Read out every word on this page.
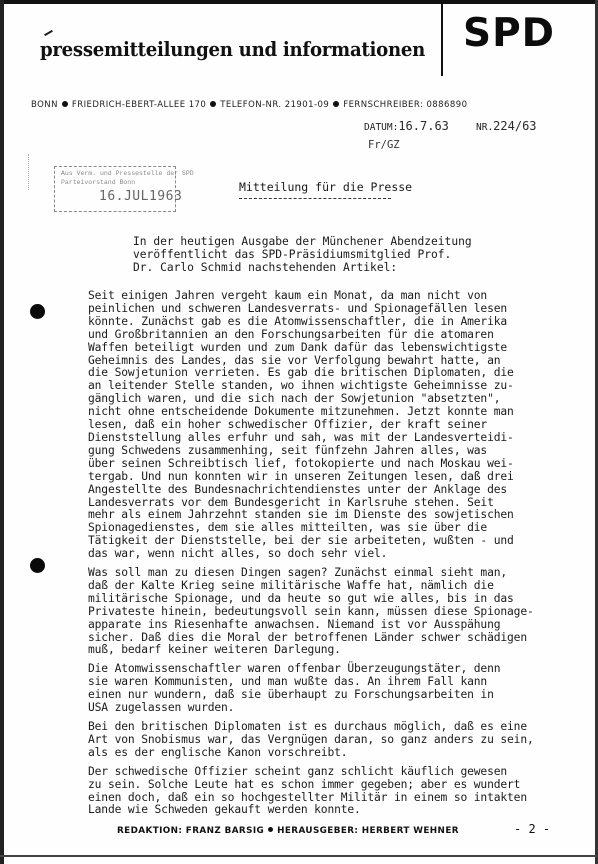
pressemitteilungen und informationen SPD
BONN FRIEDRICH-EBERT-ALLEE 170 TELEFON-NR. 21901-09 FERNSCHREIBER: 0886890
DATUM:16.7.63	NR.224/63
Fr/GZ
Aus Verm. und Pressestelle der SPD
Parteivorstand Bonn
16.JUL1963
Mitteilung für die Presse
In der heutigen Ausgabe der Münchener Abendzeitung
veröffentlicht das SPD-Präsidiumsmitglied Prof.
Dr. Carlo Schmid nachstehenden Artikel:

Seit einigen Jahren vergeht kaum ein Monat, da man nicht von
peinlichen und schweren Landesverrats- und Spionagefällen lesen
könnte. Zunächst gab es die Atomwissenschaftler, die in Amerika
und Großbritannien an den Forschungsarbeiten für die atomaren
Waffen beteiligt wurden und zum Dank dafür das lebenswichtigste
Geheimnis des Landes, das sie vor Verfolgung bewahrt hatte, an
die Sowjetunion verrieten. Es gab die britischen Diplomaten, die
an leitender Stelle standen, wo ihnen wichtigste Geheimnisse zu-
gänglich waren, und die sich nach der Sowjetunion "absetzten",
nicht ohne entscheidende Dokumente mitzunehmen. Jetzt konnte man
lesen, daß ein hoher schwedischer Offizier, der kraft seiner
Dienststellung alles erfuhr und sah, was mit der Landesverteidi-
gung Schwedens zusammenhing, seit fünfzehn Jahren alles, was
über seinen Schreibtisch lief, fotokopierte und nach Moskau wei-
tergab. Und nun konnten wir in unseren Zeitungen lesen, daß drei
Angestellte des Bundesnachrichtendienstes unter der Anklage des
Landesverrats vor dem Bundesgericht in Karlsruhe stehen. Seit
mehr als einem Jahrzehnt standen sie im Dienste des sowjetischen
Spionagedienstes, dem sie alles mitteilten, was sie über die
Tätigkeit der Dienststelle, bei der sie arbeiteten, wußten - und
das war, wenn nicht alles, so doch sehr viel.

Was soll man zu diesen Dingen sagen? Zunächst einmal sieht man,
daß der Kalte Krieg seine militärische Waffe hat, nämlich die
militärische Spionage, und da heute so gut wie alles, bis in das
Privateste hinein, bedeutungsvoll sein kann, müssen diese Spionage-
apparate ins Riesenhafte anwachsen. Niemand ist vor Ausspähung
sicher. Daß dies die Moral der betroffenen Länder schwer schädigen
muß, bedarf keiner weiteren Darlegung.

Die Atomwissenschaftler waren offenbar Überzeugungstäter, denn
sie waren Kommunisten, und man wußte das. An ihrem Fall kann
einen nur wundern, daß sie überhaupt zu Forschungsarbeiten in
USA zugelassen wurden.

Bei den britischen Diplomaten ist es durchaus möglich, daß es eine
Art von Snobismus war, das Vergnügen daran, so ganz anders zu sein,
als es der englische Kanon vorschreibt.

Der schwedische Offizier scheint ganz schlicht käuflich gewesen
zu sein. Solche Leute hat es schon immer gegeben; aber es wundert
einen doch, daß ein so hochgestellter Militär in einem so intakten
Lande wie Schweden gekauft werden konnte.

REDAKTION: FRANZ BARSIG HERAUSGEBER: HERBERT WEHNER	- 2 -
